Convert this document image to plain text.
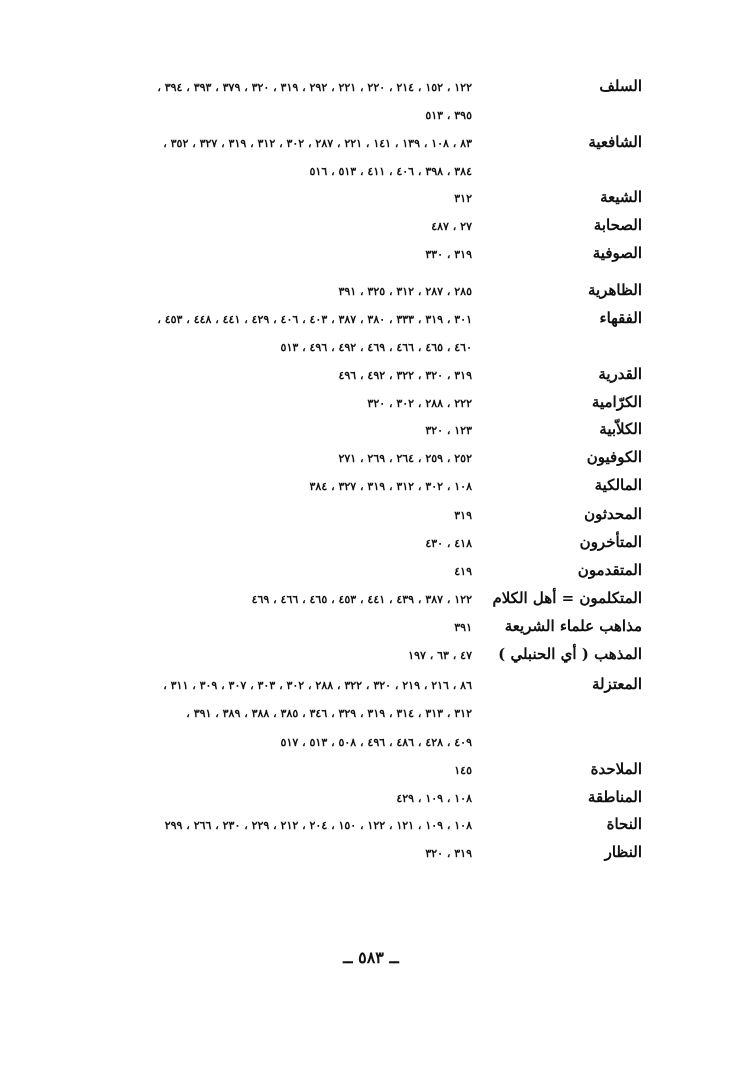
السلف
١٢٢ ، ١٥٢ ، ٢١٤ ، ٢٢٠ ، ٢٢١ ، ٢٩٢ ، ٣١٩ ، ٣٢٠ ، ٣٧٩ ، ٣٩٣ ، ٣٩٤ ،
٣٩٥ ، ٥١٣
الشافعية
٨٣ ، ١٠٨ ، ١٣٩ ، ١٤١ ، ٢٢١ ، ٢٨٧ ، ٣٠٢ ، ٣١٢ ، ٣١٩ ، ٣٢٧ ، ٣٥٢ ،
٣٨٤ ، ٣٩٨ ، ٤٠٦ ، ٤١١ ، ٥١٣ ، ٥١٦
الشيعة
٣١٢
الصحابة
٢٧ ، ٤٨٧
الصوفية
٣١٩ ، ٣٣٠
الظاهرية
٢٨٥ ، ٢٨٧ ، ٣١٢ ، ٣٢٥ ، ٣٩١
الفقهاء
٣٠١ ، ٣١٩ ، ٣٣٣ ، ٣٨٠ ، ٣٨٧ ، ٤٠٣ ، ٤٠٦ ، ٤٢٩ ، ٤٤١ ، ٤٤٨ ، ٤٥٣ ،
٤٦٠ ، ٤٦٥ ، ٤٦٦ ، ٤٦٩ ، ٤٩٢ ، ٤٩٦ ، ٥١٣
القدرية
٣١٩ ، ٣٢٠ ، ٣٢٢ ، ٤٩٢ ، ٤٩٦
الكرّامية
٢٢٢ ، ٢٨٨ ، ٣٠٢ ، ٣٢٠
الكلاّبية
١٢٣ ، ٣٢٠
الكوفيون
٢٥٢ ، ٢٥٩ ، ٢٦٤ ، ٢٦٩ ، ٢٧١
المالكية
١٠٨ ، ٣٠٢ ، ٣١٢ ، ٣١٩ ، ٣٢٧ ، ٣٨٤
المحدثون
٣١٩
المتأخرون
٤١٨ ، ٤٣٠
المتقدمون
٤١٩
المتكلمون = أهل الكلام
١٢٢ ، ٣٨٧ ، ٤٣٩ ، ٤٤١ ، ٤٥٣ ، ٤٦٥ ، ٤٦٦ ، ٤٦٩
مذاهب علماء الشريعة
٣٩١
المذهب ( أي الحنبلي )
٤٧ ، ٦٣ ، ١٩٧
المعتزلة
٨٦ ، ٢١٦ ، ٢١٩ ، ٣٢٠ ، ٣٢٢ ، ٢٨٨ ، ٣٠٢ ، ٣٠٣ ، ٣٠٧ ، ٣٠٩ ، ٣١١ ،
٣١٢ ، ٣١٣ ، ٣١٤ ، ٣١٩ ، ٣٢٩ ، ٣٤٦ ، ٣٨٥ ، ٣٨٨ ، ٣٨٩ ، ٣٩١ ،
٤٠٩ ، ٤٢٨ ، ٤٨٦ ، ٤٩٦ ، ٥٠٨ ، ٥١٣ ، ٥١٧
الملاحدة
١٤٥
المناطقة
١٠٨ ، ١٠٩ ، ٤٢٩
النحاة
١٠٨ ، ١٠٩ ، ١٢١ ، ١٢٢ ، ١٥٠ ، ٢٠٤ ، ٢١٢ ، ٢٢٩ ، ٢٣٠ ، ٢٦٦ ، ٢٩٩
النظار
٣١٩ ، ٣٢٠
ــ ٥٨٣ ــ
